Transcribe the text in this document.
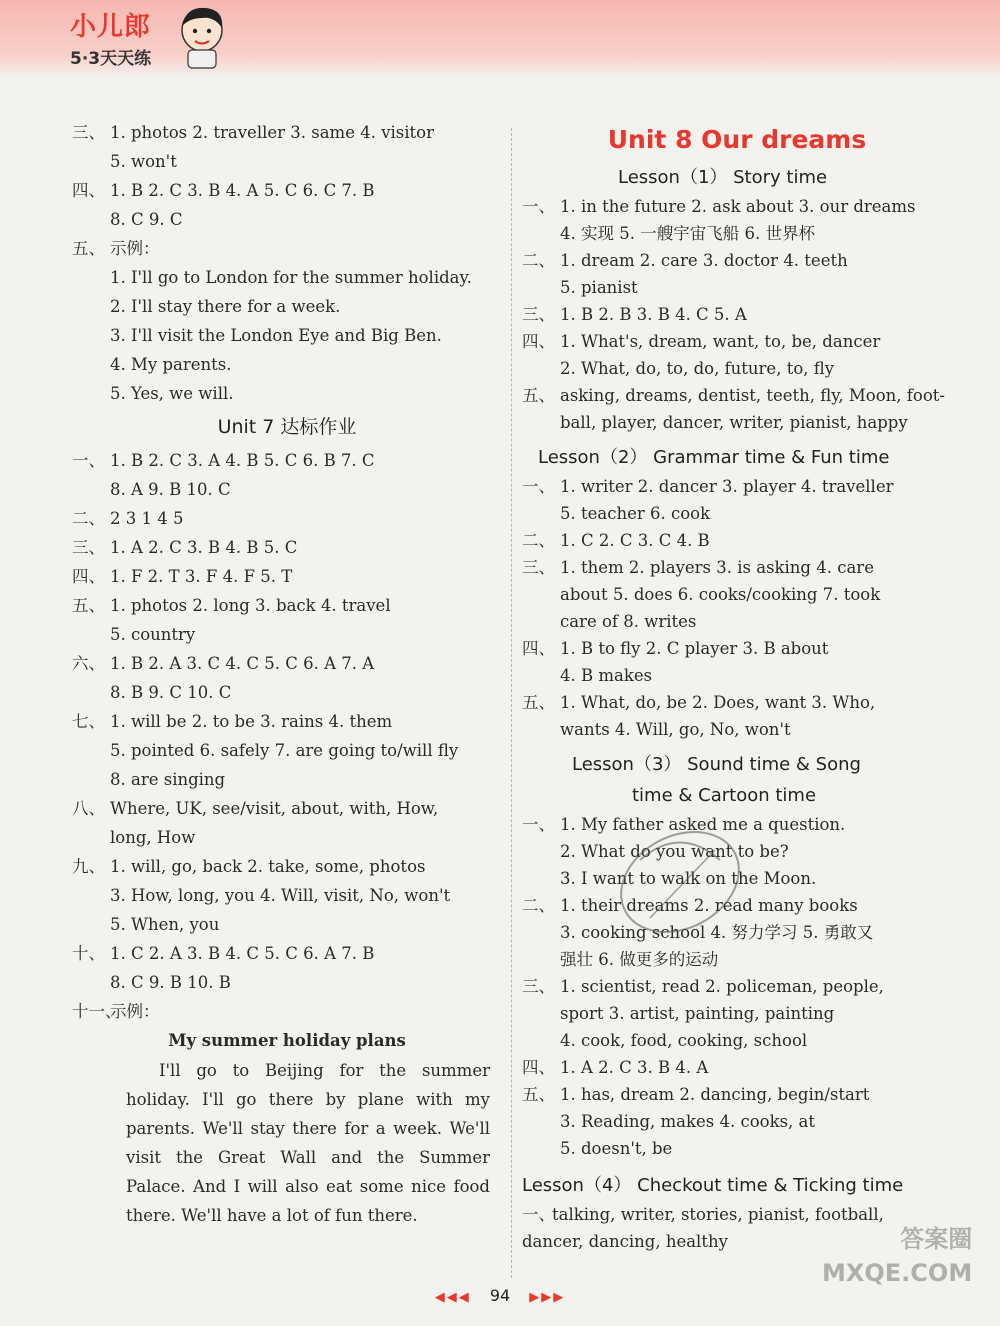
小儿郎
5·3天天练
三、 1. photos 2. traveller 3. same 4. visitor
5. won't
四、 1. B 2. C 3. B 4. A 5. C 6. C 7. B
8. C 9. C
五、 示例：
1. I'll go to London for the summer holiday.
2. I'll stay there for a week.
3. I'll visit the London Eye and Big Ben.
4. My parents.
5. Yes, we will.
Unit 7 达标作业
一、 1. B 2. C 3. A 4. B 5. C 6. B 7. C
8. A 9. B 10. C
二、 2 3 1 4 5
三、 1. A 2. C 3. B 4. B 5. C
四、 1. F 2. T 3. F 4. F 5. T
五、 1. photos 2. long 3. back 4. travel
5. country
六、 1. B 2. A 3. C 4. C 5. C 6. A 7. A
8. B 9. C 10. C
七、 1. will be 2. to be 3. rains 4. them
5. pointed 6. safely 7. are going to/will fly
8. are singing
八、 Where, UK, see/visit, about, with, How,
long, How
九、 1. will, go, back 2. take, some, photos
3. How, long, you 4. Will, visit, No, won't
5. When, you
十、 1. C 2. A 3. B 4. C 5. C 6. A 7. B
8. C 9. B 10. B
十一、示例：
My summer holiday plans
I'll go to Beijing for the summer holiday. I'll go there by plane with my parents. We'll stay there for a week. We'll visit the Great Wall and the Summer Palace. And I will also eat some nice food there. We'll have a lot of fun there.
Unit 8 Our dreams
Lesson（1） Story time
一、 1. in the future 2. ask about 3. our dreams
4. 实现 5. 一艘宇宙飞船 6. 世界杯
二、 1. dream 2. care 3. doctor 4. teeth
5. pianist
三、 1. B 2. B 3. B 4. C 5. A
四、 1. What's, dream, want, to, be, dancer
2. What, do, to, do, future, to, fly
五、 asking, dreams, dentist, teeth, fly, Moon, foot-
ball, player, dancer, writer, pianist, happy
Lesson（2） Grammar time & Fun time
一、 1. writer 2. dancer 3. player 4. traveller
5. teacher 6. cook
二、 1. C 2. C 3. C 4. B
三、 1. them 2. players 3. is asking 4. care
about 5. does 6. cooks/cooking 7. took
care of 8. writes
四、 1. B to fly 2. C player 3. B about
4. B makes
五、 1. What, do, be 2. Does, want 3. Who,
wants 4. Will, go, No, won't
Lesson（3） Sound time & Song
time & Cartoon time
一、 1. My father asked me a question.
2. What do you want to be?
3. I want to walk on the Moon.
二、 1. their dreams 2. read many books
3. cooking school 4. 努力学习 5. 勇敢又
强壮 6. 做更多的运动
三、 1. scientist, read 2. policeman, people,
sport 3. artist, painting, painting
4. cook, food, cooking, school
四、 1. A 2. C 3. B 4. A
五、 1. has, dream 2. dancing, begin/start
3. Reading, makes 4. cooks, at
5. doesn't, be
Lesson（4） Checkout time & Ticking time
一、talking, writer, stories, pianist, football,
dancer, dancing, healthy	答案圈
MXQE.COM
◀◀◀ 94 ▶▶▶
